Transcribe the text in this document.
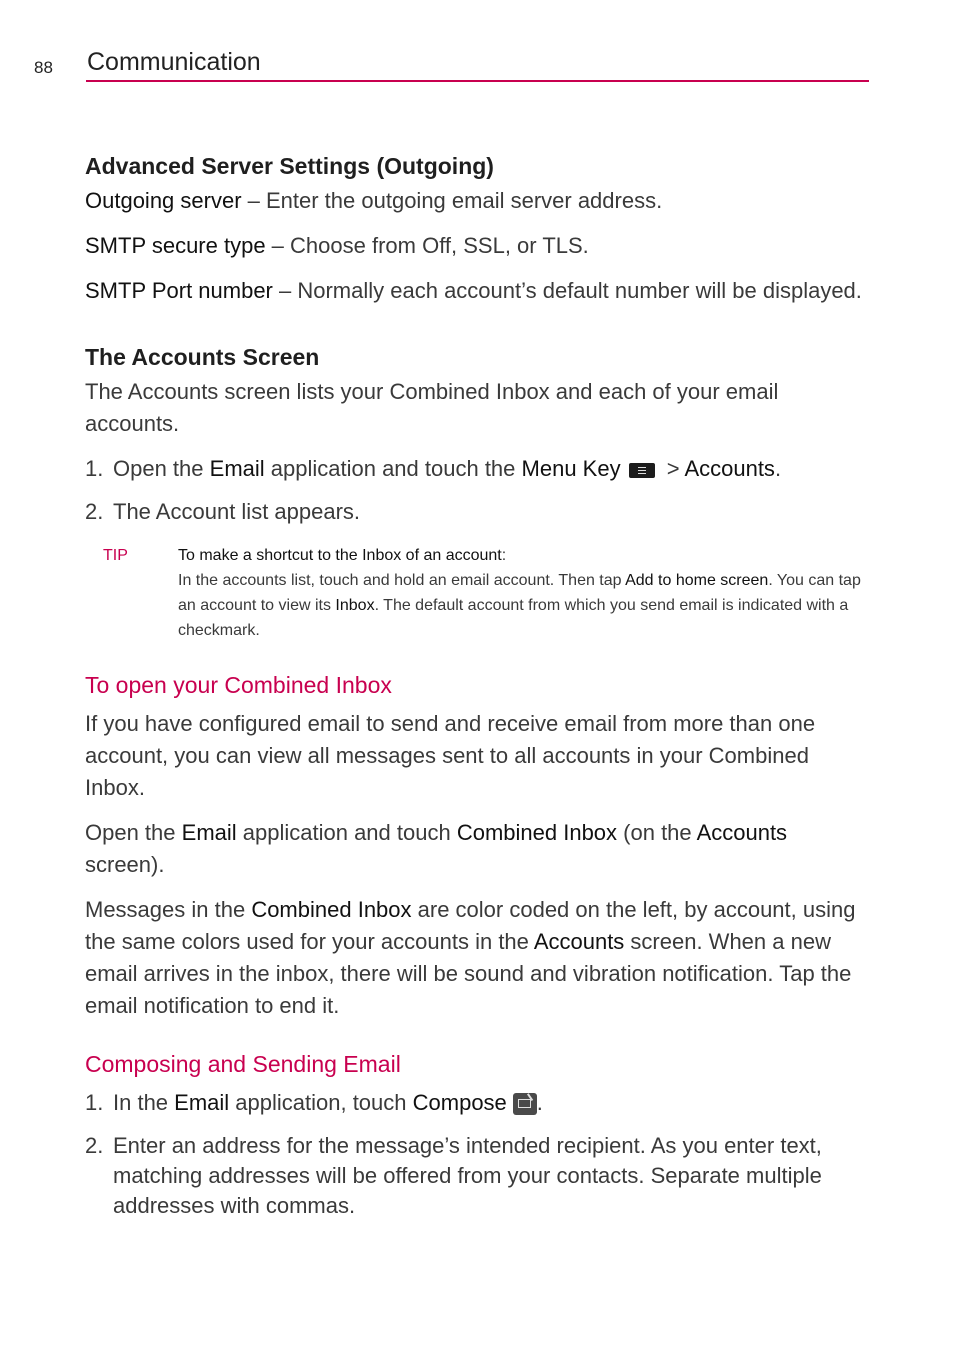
88 Communication
Advanced Server Settings (Outgoing)

Outgoing server – Enter the outgoing email server address.

SMTP secure type – Choose from Off, SSL, or TLS.

SMTP Port number – Normally each account’s default number will be displayed.

The Accounts Screen

The Accounts screen lists your Combined Inbox and each of your email accounts.

1. Open the Email application and touch the Menu Key > Accounts.
2. The Account list appears.
TIP	To make a shortcut to the Inbox of an account:
In the accounts list, touch and hold an email account. Then tap Add to home screen. You can tap an account to view its Inbox. The default account from which you send email is indicated with a checkmark.
To open your Combined Inbox

If you have configured email to send and receive email from more than one account, you can view all messages sent to all accounts in your Combined Inbox.

Open the Email application and touch Combined Inbox (on the Accounts screen).

Messages in the Combined Inbox are color coded on the left, by account, using the same colors used for your accounts in the Accounts screen. When a new email arrives in the inbox, there will be sound and vibration notification. Tap the email notification to end it.

Composing and Sending Email
1. In the Email application, touch Compose .
2. Enter an address for the message’s intended recipient. As you enter text, matching addresses will be offered from your contacts. Separate multiple addresses with commas.
